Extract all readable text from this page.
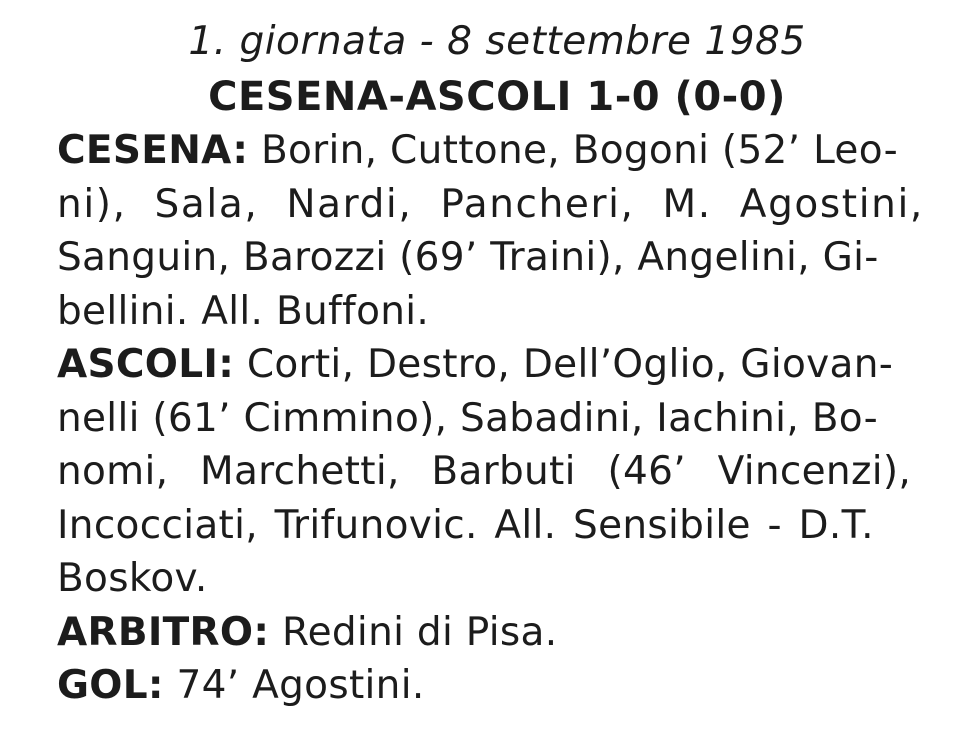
1. giornata - 8 settembre 1985
CESENA-ASCOLI 1-0 (0-0)
CESENA: Borin, Cuttone, Bogoni (52’ Leo-
ni), Sala, Nardi, Pancheri, M. Agostini,
Sanguin, Barozzi (69’ Traini), Angelini, Gi-
bellini. All. Buffoni.
ASCOLI: Corti, Destro, Dell’Oglio, Giovan-
nelli (61’ Cimmino), Sabadini, Iachini, Bo-
nomi, Marchetti, Barbuti (46’ Vincenzi),
Incocciati, Trifunovic. All. Sensibile - D.T.
Boskov.
ARBITRO: Redini di Pisa.
GOL: 74’ Agostini.
